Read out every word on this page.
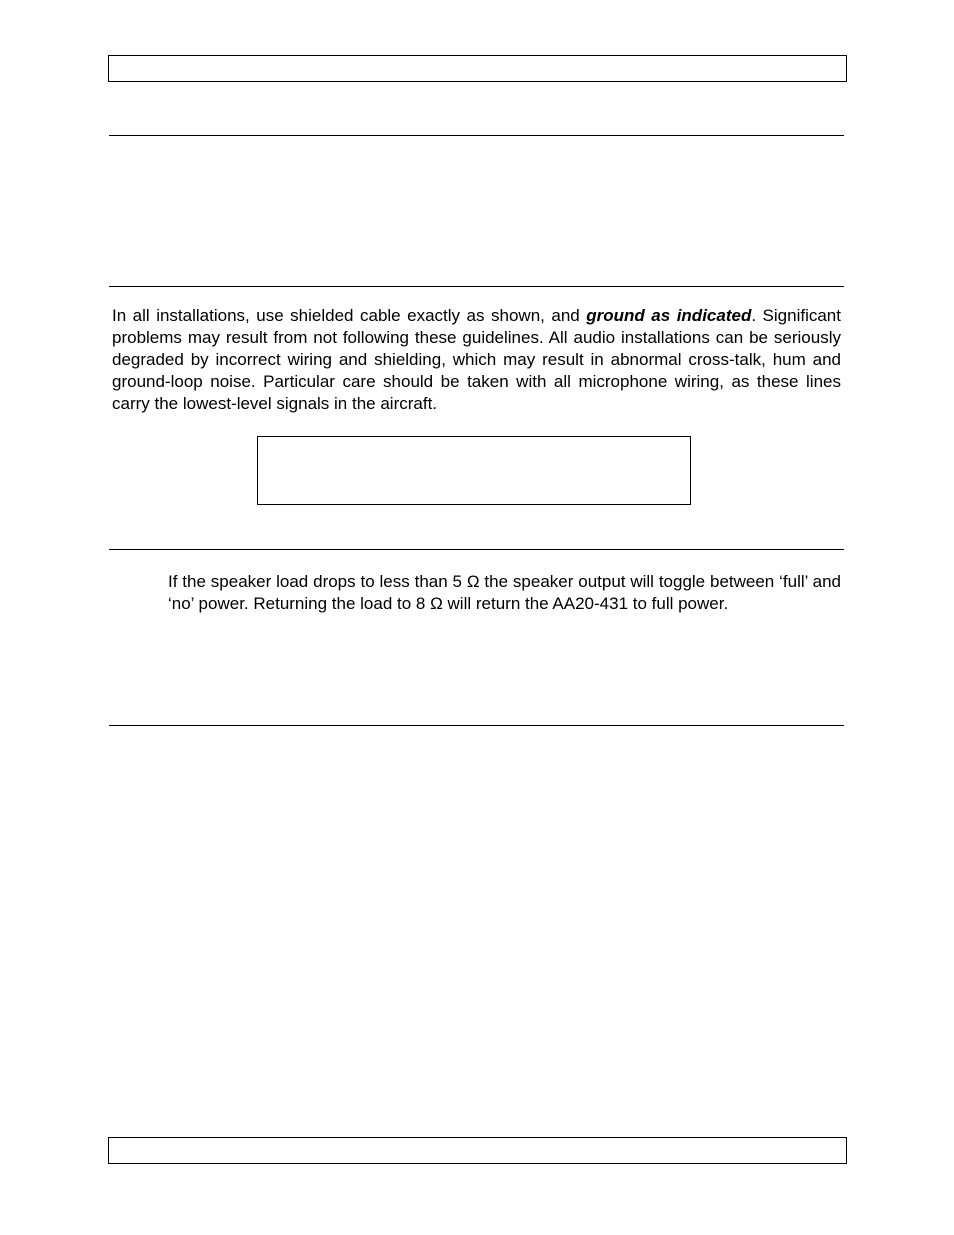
In all installations, use shielded cable exactly as shown, and ground as indicated. Significant problems may result from not following these guidelines. All audio installations can be seriously degraded by incorrect wiring and shielding, which may result in abnormal cross-talk, hum and ground-loop noise. Particular care should be taken with all microphone wiring, as these lines carry the lowest-level signals in the aircraft.

If the speaker load drops to less than 5 Ω the speaker output will toggle between ‘full’ and ‘no’ power. Returning the load to 8 Ω will return the AA20-431 to full power.
